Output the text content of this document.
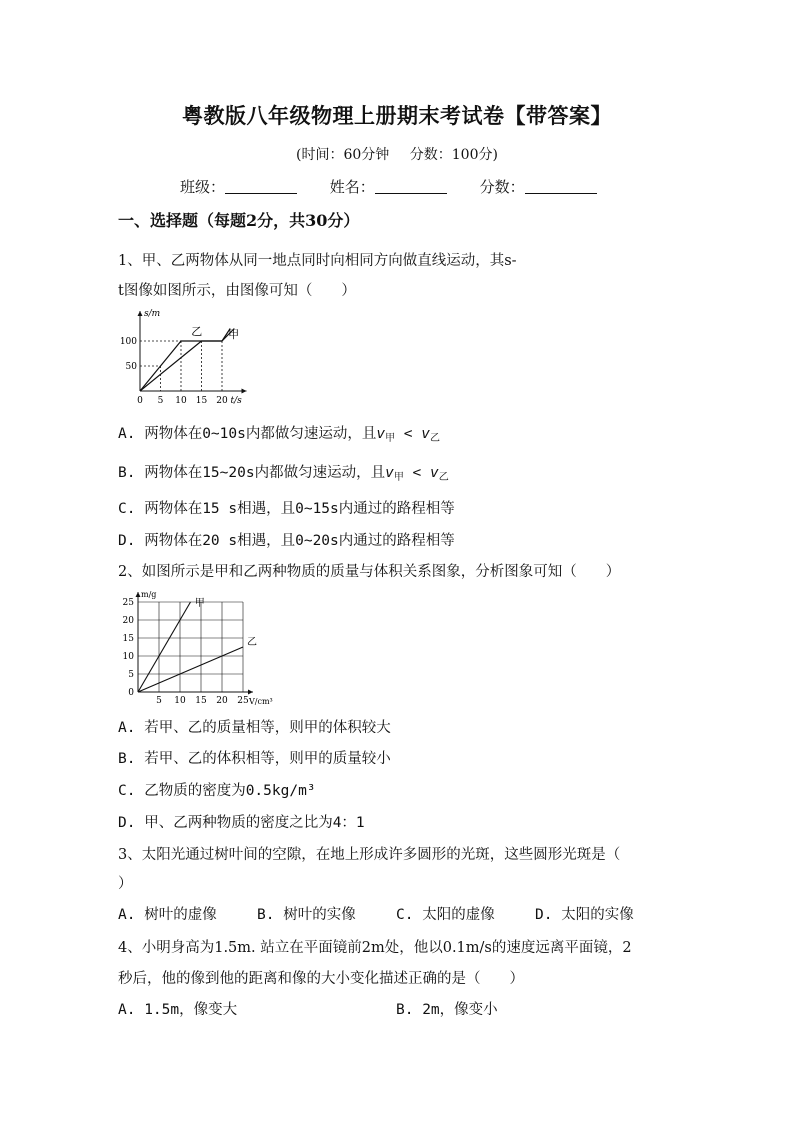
粤教版八年级物理上册期末考试卷【带答案】
(时间：60分钟 分数：100分)
班级：	姓名：	分数：
一、选择题（每题2分，共30分）
1、甲、乙两物体从同一地点同时向相同方向做直线运动，其s-
t图像如图所示，由图像可知（　　）
甲
乙
0 5 10 15 20
50
100
s/m
t/s
A. 两物体在0~10s内都做匀速运动，且$v_甲 < v_乙$
B. 两物体在15~20s内都做匀速运动，且$v_甲 < v_乙$
C. 两物体在15 s相遇，且0~15s内通过的路程相等
D. 两物体在20 s相遇，且0~20s内通过的路程相等
2、如图所示是甲和乙两种物质的质量与体积关系图象，分析图象可知（　　）
甲
乙
0
5
10
15
20
25
5 10 15 20 25
m/g
V/cm³
A. 若甲、乙的质量相等，则甲的体积较大
B. 若甲、乙的体积相等，则甲的质量较小
C. 乙物质的密度为0.5kg/m³
D. 甲、乙两种物质的密度之比为4：1
3、太阳光通过树叶间的空隙，在地上形成许多圆形的光斑，这些圆形光斑是（
）
A. 树叶的虚像	B. 树叶的实像	C. 太阳的虚像	D. 太阳的实像
4、小明身高为1.5m. 站立在平面镜前2m处，他以0.1m/s的速度远离平面镜，2
秒后，他的像到他的距离和像的大小变化描述正确的是（　　）
A. 1.5m，像变大	B. 2m，像变小
